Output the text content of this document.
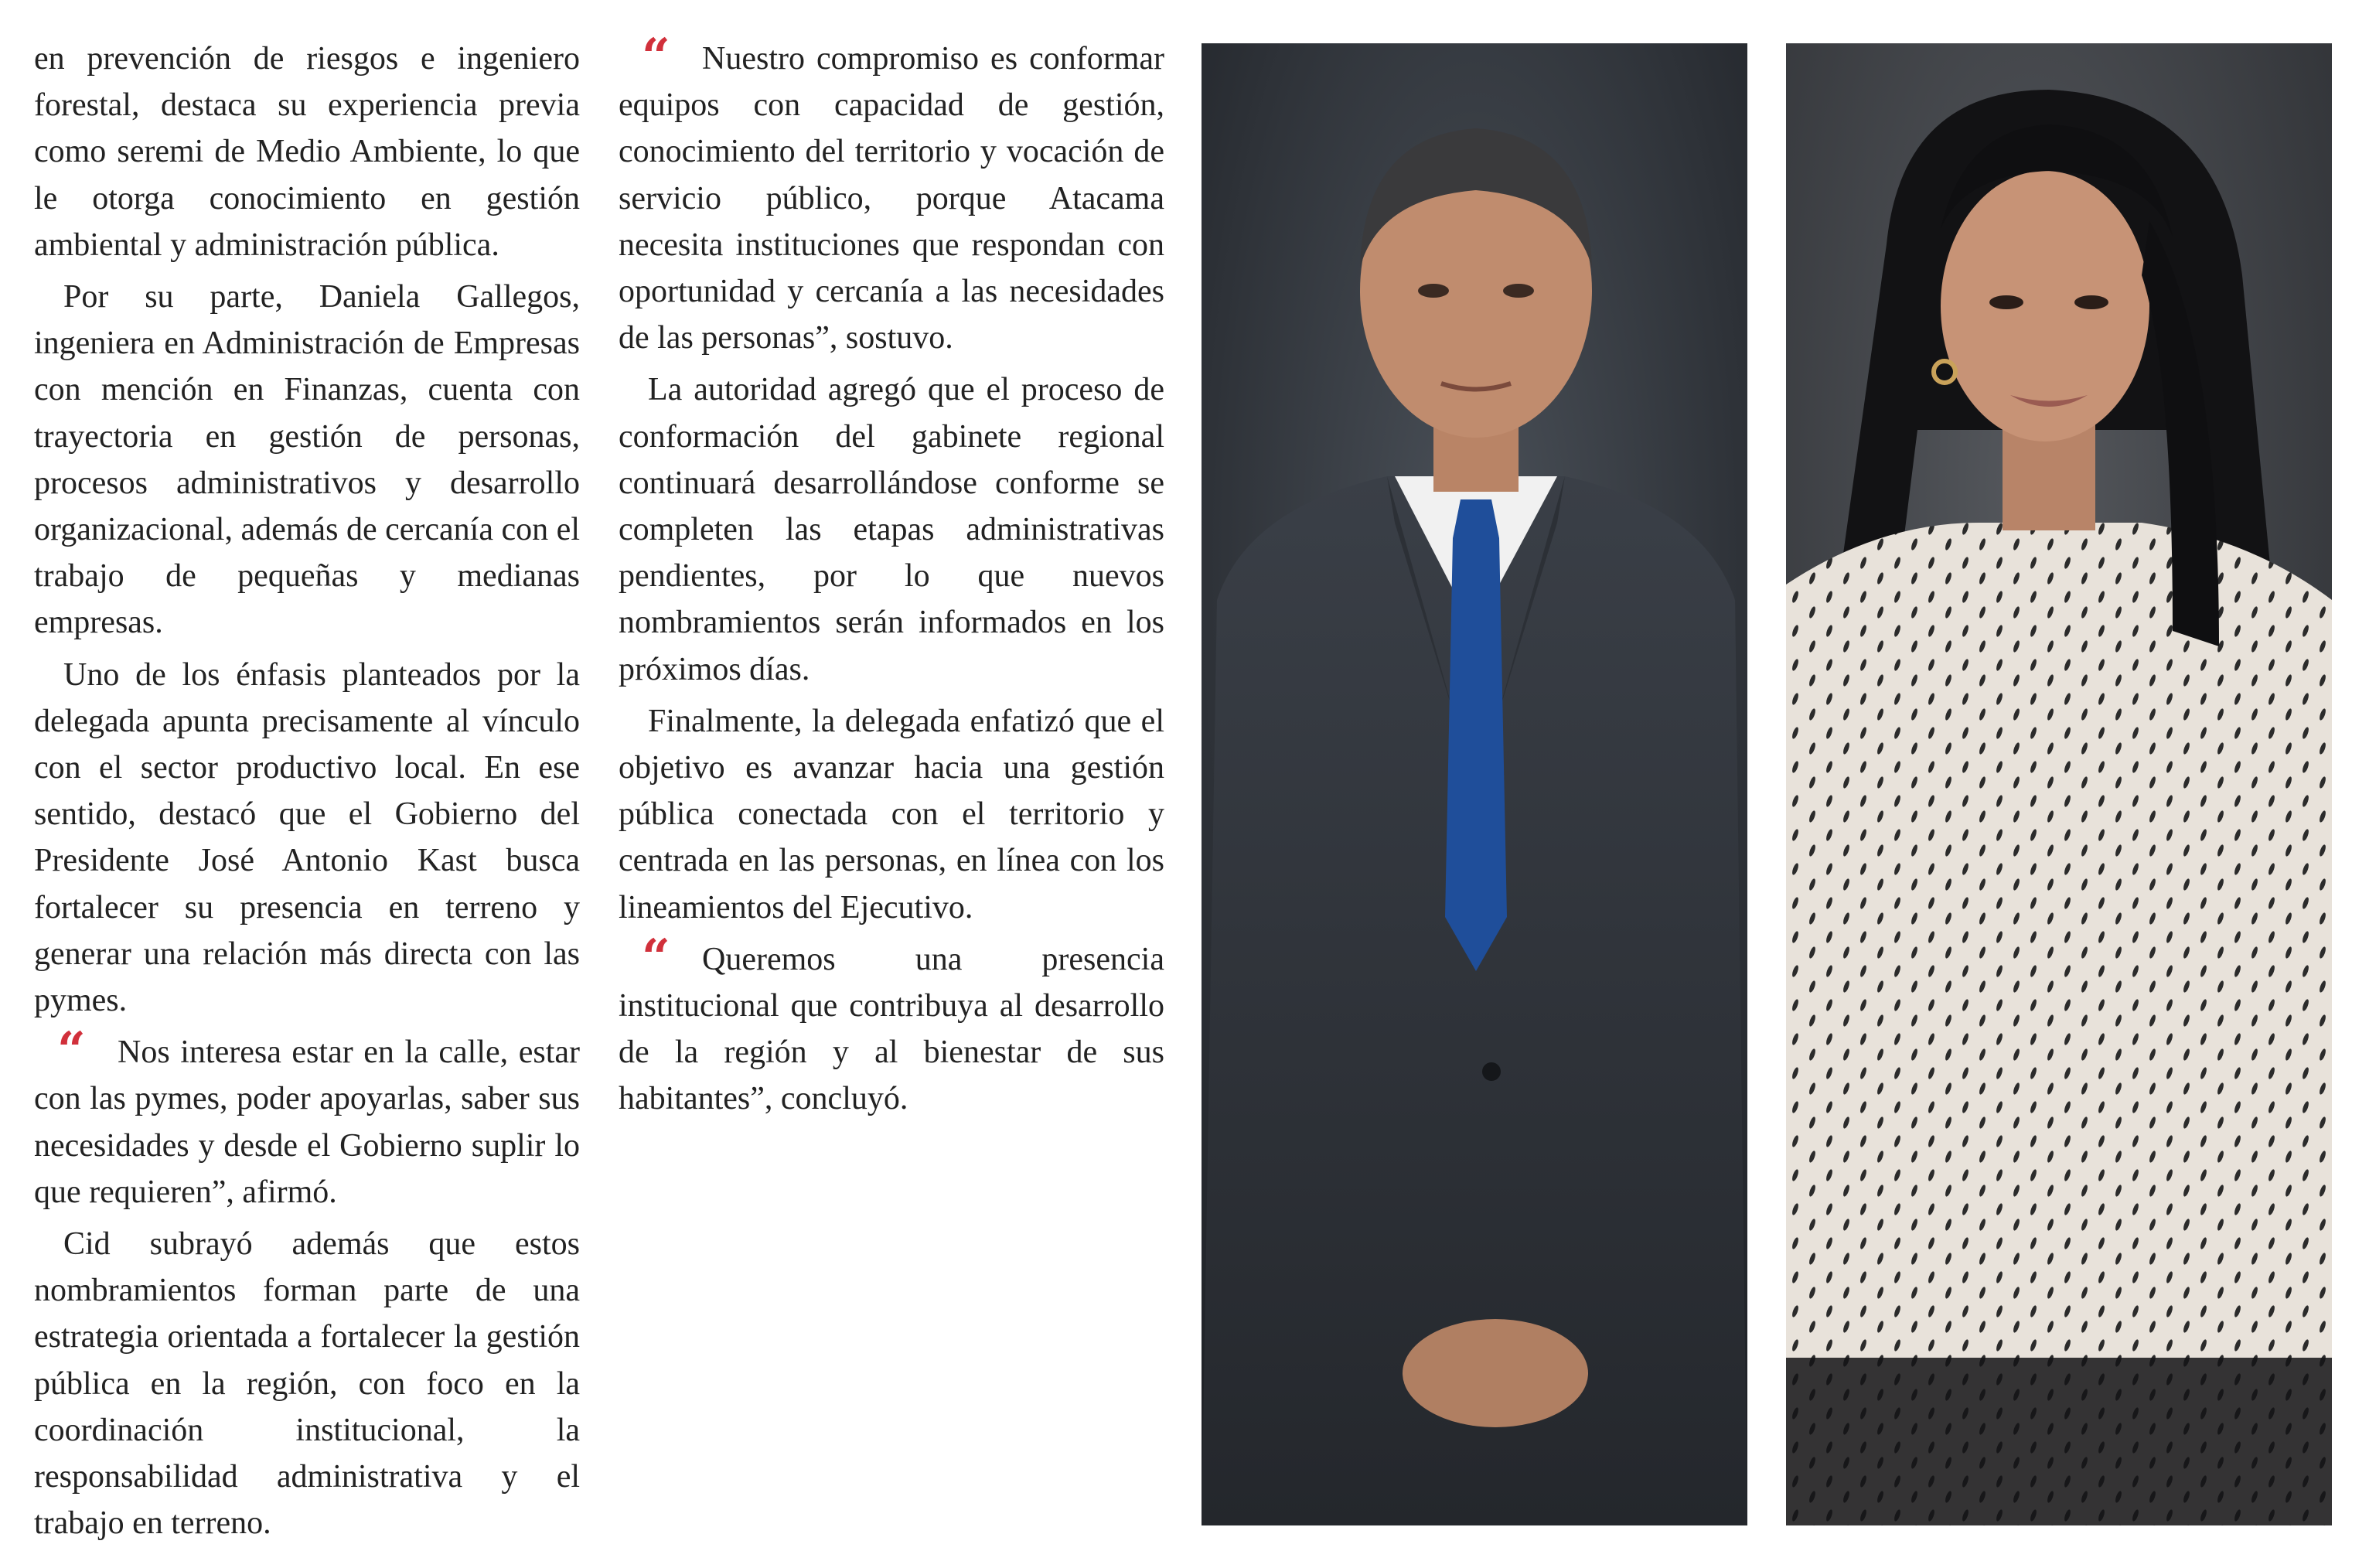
en prevención de riesgos e ingeniero forestal, destaca su experiencia previa como seremi de Medio Ambiente, lo que le otorga conocimiento en gestión ambiental y administración pública.

Por su parte, Daniela Gallegos, ingeniera en Administración de Empresas con mención en Finanzas, cuenta con trayectoria en gestión de personas, procesos administrativos y desarrollo organizacional, además de cercanía con el trabajo de pequeñas y medianas empresas.

Uno de los énfasis planteados por la delegada apunta precisamente al vínculo con el sector productivo local. En ese sentido, destacó que el Gobierno del Presidente José Antonio Kast busca fortalecer su presencia en terreno y generar una relación más directa con las pymes.

“	Nos interesa estar en la calle, estar con las pymes, poder apoyarlas, saber sus necesidades y desde el Gobierno suplir lo que requieren”, afirmó.

Cid subrayó además que estos nombramientos forman parte de una estrategia orientada a fortalecer la gestión pública en la región, con foco en la coordinación institucional, la responsabilidad administrativa y el trabajo en terreno.

“	Nuestro compromiso es conformar equipos con capacidad de gestión, conocimiento del territorio y vocación de servicio público, porque Atacama necesita instituciones que respondan con oportunidad y cercanía a las necesidades de las personas”, sostuvo.

La autoridad agregó que el proceso de conformación del gabinete regional continuará desarrollándose conforme se completen las etapas administrativas pendientes, por lo que nuevos nombramientos serán informados en los próximos días.

Finalmente, la delegada enfatizó que el objetivo es avanzar hacia una gestión pública conectada con el territorio y centrada en las personas, en línea con los lineamientos del Ejecutivo.

“	Queremos una presencia institucional que contribuya al desarrollo de la región y al bienestar de sus habitantes”, concluyó.
